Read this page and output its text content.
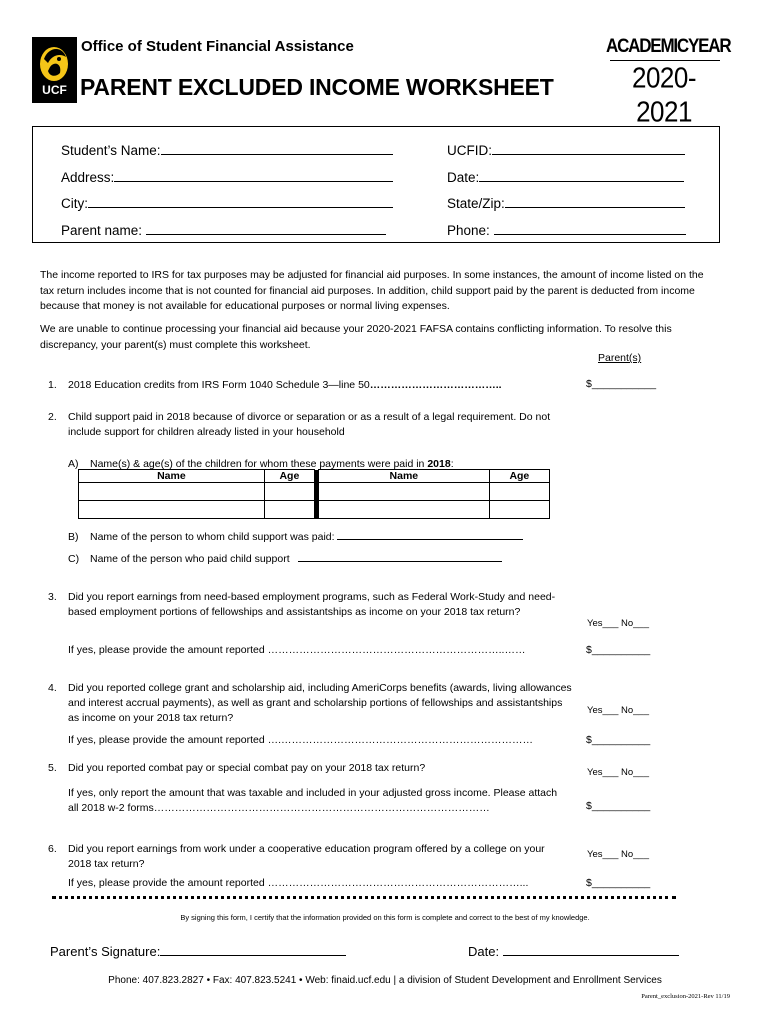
UCF
Office of Student Financial Assistance
PARENT EXCLUDED INCOME WORKSHEET
ACADEMICYEAR
2020-2021
Student’s Name:	UCFID:
Address:	Date:
City:	State/Zip:
Parent name:	Phone:
The income reported to IRS for tax purposes may be adjusted for financial aid purposes. In some instances, the amount of income listed on the tax return includes income that is not counted for financial aid purposes. In addition, child support paid by the parent is deducted from income because that money is not available for educational purposes or normal living expenses.
We are unable to continue processing your financial aid because your 2020-2021 FAFSA contains conflicting information. To resolve this discrepancy, your parent(s) must complete this worksheet.
Parent(s)
1. 2018 Education credits from IRS Form 1040 Schedule 3—line 50………………………………..	$___________
2. Child support paid in 2018 because of divorce or separation or as a result of a legal requirement. Do not include support for children already listed in your household
A) Name(s) & age(s) of the children for whom these payments were paid in 2018:
Name	Age		Name	Age

B) Name of the person to whom child support was paid:
C) Name of the person who paid child support
3. Did you report earnings from need-based employment programs, such as Federal Work-Study and need-based employment portions of fellowships and assistantships as income on your 2018 tax return?
Yes___ No___
If yes, please provide the amount reported …………………………………………………………..……	$__________
4. Did you reported college grant and scholarship aid, including AmeriCorps benefits (awards, living allowances and interest accrual payments), as well as grant and scholarship portions of fellowships and assistantships as income on your 2018 tax return?
Yes___ No___
If yes, please provide the amount reported ….………………………………………………………………	$__________
5. Did you reported combat pay or special combat pay on your 2018 tax return?	Yes___ No___
If yes, only report the amount that was taxable and included in your adjusted gross income. Please attach all 2018 w-2 forms……………………………………………………………………………………	$__________
6. Did you report earnings from work under a cooperative education program offered by a college on your 2018 tax return?
Yes___ No___
If yes, please provide the amount reported ………………………………………………………………...	$__________
By signing this form, I certify that the information provided on this form is complete and correct to the best of my knowledge.
Parent’s Signature:	Date:
Phone: 407.823.2827 • Fax: 407.823.5241 • Web: finaid.ucf.edu | a division of Student Development and Enrollment Services
Parent_exclusion-2021-Rev 11/19
